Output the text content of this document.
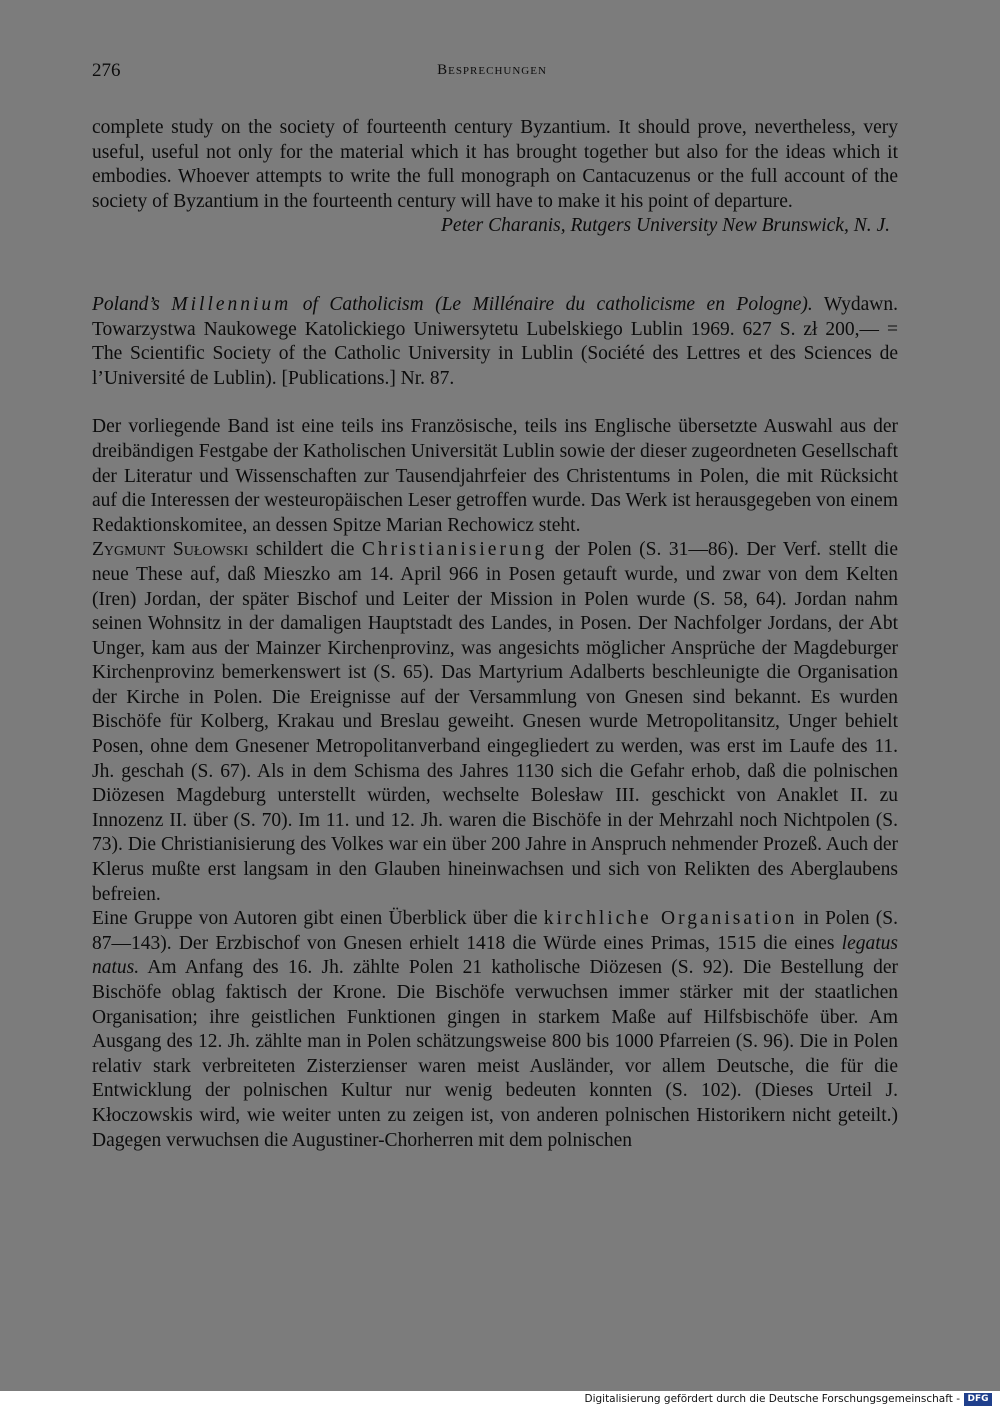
276	Besprechungen

complete study on the society of fourteenth century Byzantium. It should prove, nevertheless, very useful, useful not only for the material which it has brought together but also for the ideas which it embodies. Whoever attempts to write the full monograph on Cantacuzenus or the full account of the society of Byzantium in the fourteenth century will have to make it his point of departure.

Peter Charanis, Rutgers University New Brunswick, N. J.

Poland’s Millennium of Catholicism (Le Millénaire du catholicisme en Pologne). Wydawn. Towarzystwa Naukowege Katolickiego Uniwersytetu Lubelskiego Lublin 1969. 627 S. zł 200,— = The Scientific Society of the Catholic University in Lublin (Société des Lettres et des Sciences de l’Université de Lublin). [Publications.] Nr. 87.

Der vorliegende Band ist eine teils ins Französische, teils ins Englische übersetzte Auswahl aus der dreibändigen Festgabe der Katholischen Universität Lublin sowie der dieser zugeordneten Gesellschaft der Literatur und Wissenschaften zur Tausendjahrfeier des Christentums in Polen, die mit Rücksicht auf die Interessen der westeuropäischen Leser getroffen wurde. Das Werk ist herausgegeben von einem Redaktionskomitee, an dessen Spitze Marian Rechowicz steht.

Zygmunt Sułowski schildert die Christianisierung der Polen (S. 31—86). Der Verf. stellt die neue These auf, daß Mieszko am 14. April 966 in Posen getauft wurde, und zwar von dem Kelten (Iren) Jordan, der später Bischof und Leiter der Mission in Polen wurde (S. 58, 64). Jordan nahm seinen Wohnsitz in der damaligen Hauptstadt des Landes, in Posen. Der Nachfolger Jordans, der Abt Unger, kam aus der Mainzer Kirchenprovinz, was angesichts möglicher Ansprüche der Magdeburger Kirchenprovinz bemerkenswert ist (S. 65). Das Martyrium Adalberts beschleunigte die Organisation der Kirche in Polen. Die Ereignisse auf der Versammlung von Gnesen sind bekannt. Es wurden Bischöfe für Kolberg, Krakau und Breslau geweiht. Gnesen wurde Metropolitansitz, Unger behielt Posen, ohne dem Gnesener Metropolitanverband eingegliedert zu werden, was erst im Laufe des 11. Jh. geschah (S. 67). Als in dem Schisma des Jahres 1130 sich die Gefahr erhob, daß die polnischen Diözesen Magdeburg unterstellt würden, wechselte Bolesław III. geschickt von Anaklet II. zu Innozenz II. über (S. 70). Im 11. und 12. Jh. waren die Bischöfe in der Mehrzahl noch Nichtpolen (S. 73). Die Christianisierung des Volkes war ein über 200 Jahre in Anspruch nehmender Prozeß. Auch der Klerus mußte erst langsam in den Glauben hineinwachsen und sich von Relikten des Aberglaubens befreien.

Eine Gruppe von Autoren gibt einen Überblick über die kirchliche Organisation in Polen (S. 87—143). Der Erzbischof von Gnesen erhielt 1418 die Würde eines Primas, 1515 die eines legatus natus. Am Anfang des 16. Jh. zählte Polen 21 katholische Diözesen (S. 92). Die Bestellung der Bischöfe oblag faktisch der Krone. Die Bischöfe verwuchsen immer stärker mit der staatlichen Organisation; ihre geistlichen Funktionen gingen in starkem Maße auf Hilfsbischöfe über. Am Ausgang des 12. Jh. zählte man in Polen schätzungsweise 800 bis 1000 Pfarreien (S. 96). Die in Polen relativ stark verbreiteten Zisterzienser waren meist Ausländer, vor allem Deutsche, die für die Entwicklung der polnischen Kultur nur wenig bedeuten konnten (S. 102). (Dieses Urteil J. Kłoczowskis wird, wie weiter unten zu zeigen ist, von anderen polnischen Historikern nicht geteilt.) Dagegen verwuchsen die Augustiner-Chorherren mit dem polnischen

Digitalisierung gefördert durch die Deutsche Forschungsgemeinschaft - DFG
